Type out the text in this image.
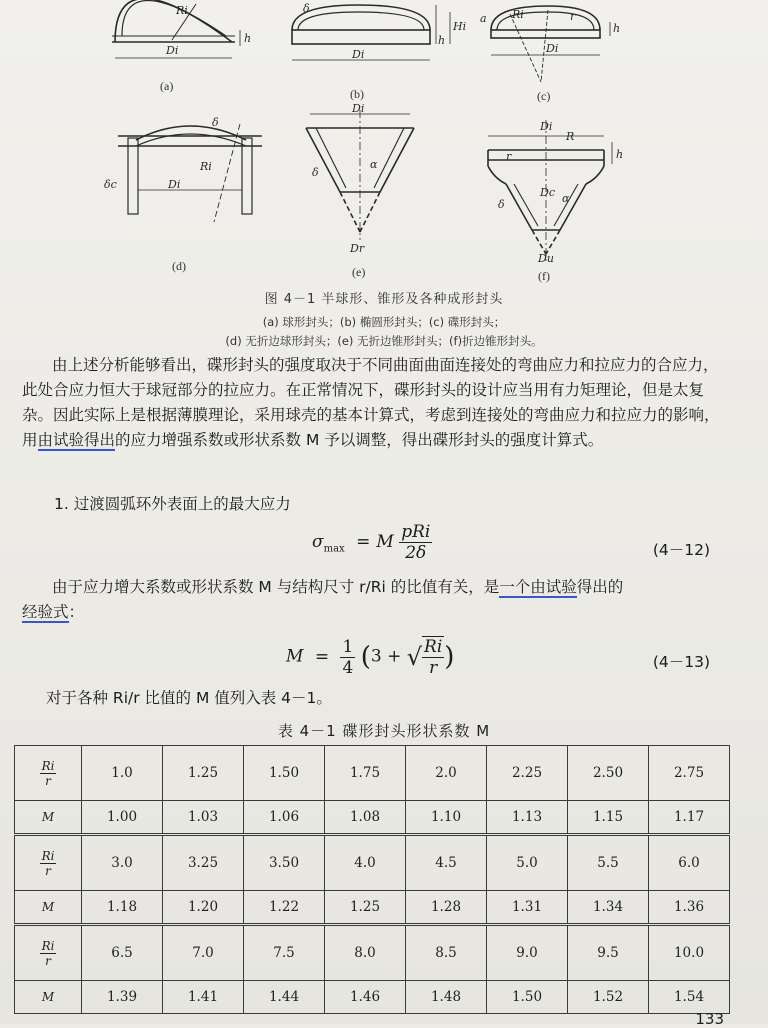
Ri
Di
h
δ
Di
Hi
h
a Ri	r
Di
h
δ
δc	Di
Ri
Di
α
δ
Dr
Di
R
r
δ
Dc α
Du
h
(a)
(b)	(c)
(d)	(e)	(f)
图 4－1 半球形、锥形及各种成形封头
(a) 球形封头；(b) 椭圆形封头；(c) 碟形封头；
(d) 无折边球形封头；(e) 无折边锥形封头；(f)折边锥形封头。
由上述分析能够看出，碟形封头的强度取决于不同曲面曲面连接处的弯曲应力和拉应力的合应力，此处合应力恒大于球冠部分的拉应力。在正常情况下，碟形封头的设计应当用有力矩理论，但是太复杂。因此实际上是根据薄膜理论，采用球壳的基本计算式，考虑到连接处的弯曲应力和拉应力的影响，用由试验得出的应力增强系数或形状系数 M 予以调整，得出碟形封头的强度计算式。
1. 过渡圆弧环外表面上的最大应力
$\sigma_{max} = M \frac{\text{pRi}}{2\delta}$	(4－12)
由于应力增大系数或形状系数 M 与结构尺寸 r/Ri 的比值有关，是一个由试验得出的
经验式：
$M = \frac{1}{4} (3$ + √ $\frac{Ri}{r}$ )	(4－13)
对于各种 Ri/r 比值的 M 值列入表 4－1。
表 4－1 碟形封头形状系数 M
$\frac{Ri}{r}$	1.0	1.25	1.50	1.75	2.0	2.25	2.50	2.75
M	1.00	1.03	1.06	1.08	1.10	1.13	1.15	1.17

$\frac{Ri}{r}$	3.0	3.25	3.50	4.0	4.5	5.0	5.5	6.0
M	1.18	1.20	1.22	1.25	1.28	1.31	1.34	1.36

$\frac{Ri}{r}$	6.5	7.0	7.5	8.0	8.5	9.0	9.5	10.0
M	1.39	1.41	1.44	1.46	1.48	1.50	1.52	1.54
133
